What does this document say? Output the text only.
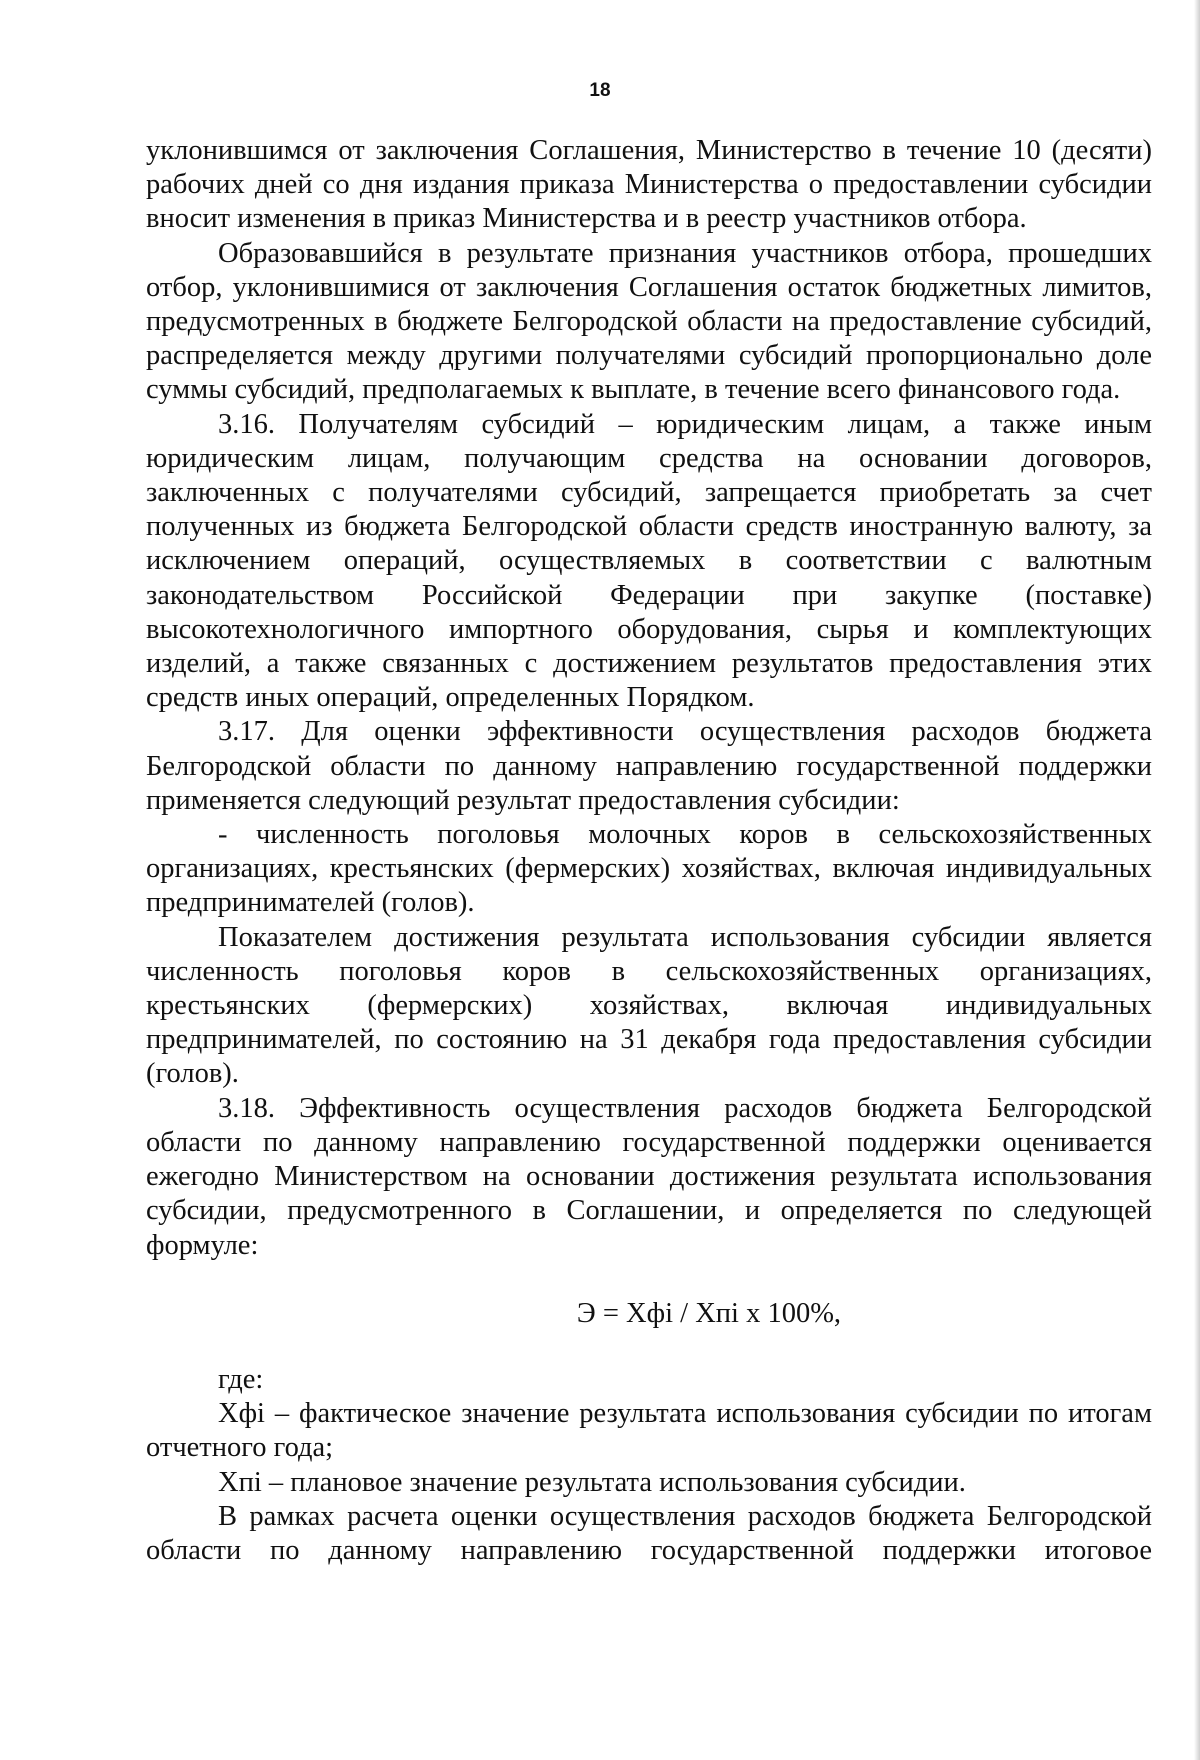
18

уклонившимся от заключения Соглашения, Министерство в течение 10 (десяти) рабочих дней со дня издания приказа Министерства о предоставлении субсидии вносит изменения в приказ Министерства и в реестр участников отбора.

Образовавшийся в результате признания участников отбора, прошедших отбор, уклонившимися от заключения Соглашения остаток бюджетных лимитов, предусмотренных в бюджете Белгородской области на предоставление субсидий, распределяется между другими получателями субсидий пропорционально доле суммы субсидий, предполагаемых к выплате, в течение всего финансового года.

3.16. Получателям субсидий – юридическим лицам, а также иным юридическим лицам, получающим средства на основании договоров, заключенных с получателями субсидий, запрещается приобретать за счет полученных из бюджета Белгородской области средств иностранную валюту, за исключением операций, осуществляемых в соответствии с валютным законодательством Российской Федерации при закупке (поставке) высокотехнологичного импортного оборудования, сырья и комплектующих изделий, а также связанных с достижением результатов предоставления этих средств иных операций, определенных Порядком.

3.17. Для оценки эффективности осуществления расходов бюджета Белгородской области по данному направлению государственной поддержки применяется следующий результат предоставления субсидии:

- численность поголовья молочных коров в сельскохозяйственных организациях, крестьянских (фермерских) хозяйствах, включая индивидуальных предпринимателей (голов).

Показателем достижения результата использования субсидии является численность поголовья коров в сельскохозяйственных организациях, крестьянских (фермерских) хозяйствах, включая индивидуальных предпринимателей, по состоянию на 31 декабря года предоставления субсидии (голов).

3.18. Эффективность осуществления расходов бюджета Белгородской области по данному направлению государственной поддержки оценивается ежегодно Министерством на основании достижения результата использования субсидии, предусмотренного в Соглашении, и определяется по следующей формуле:

Э = Хфi / Хпi х 100%,

где:

Хфi – фактическое значение результата использования субсидии по итогам отчетного года;

Хпi – плановое значение результата использования субсидии.

В рамках расчета оценки осуществления расходов бюджета Белгородской области по данному направлению государственной поддержки итоговое
